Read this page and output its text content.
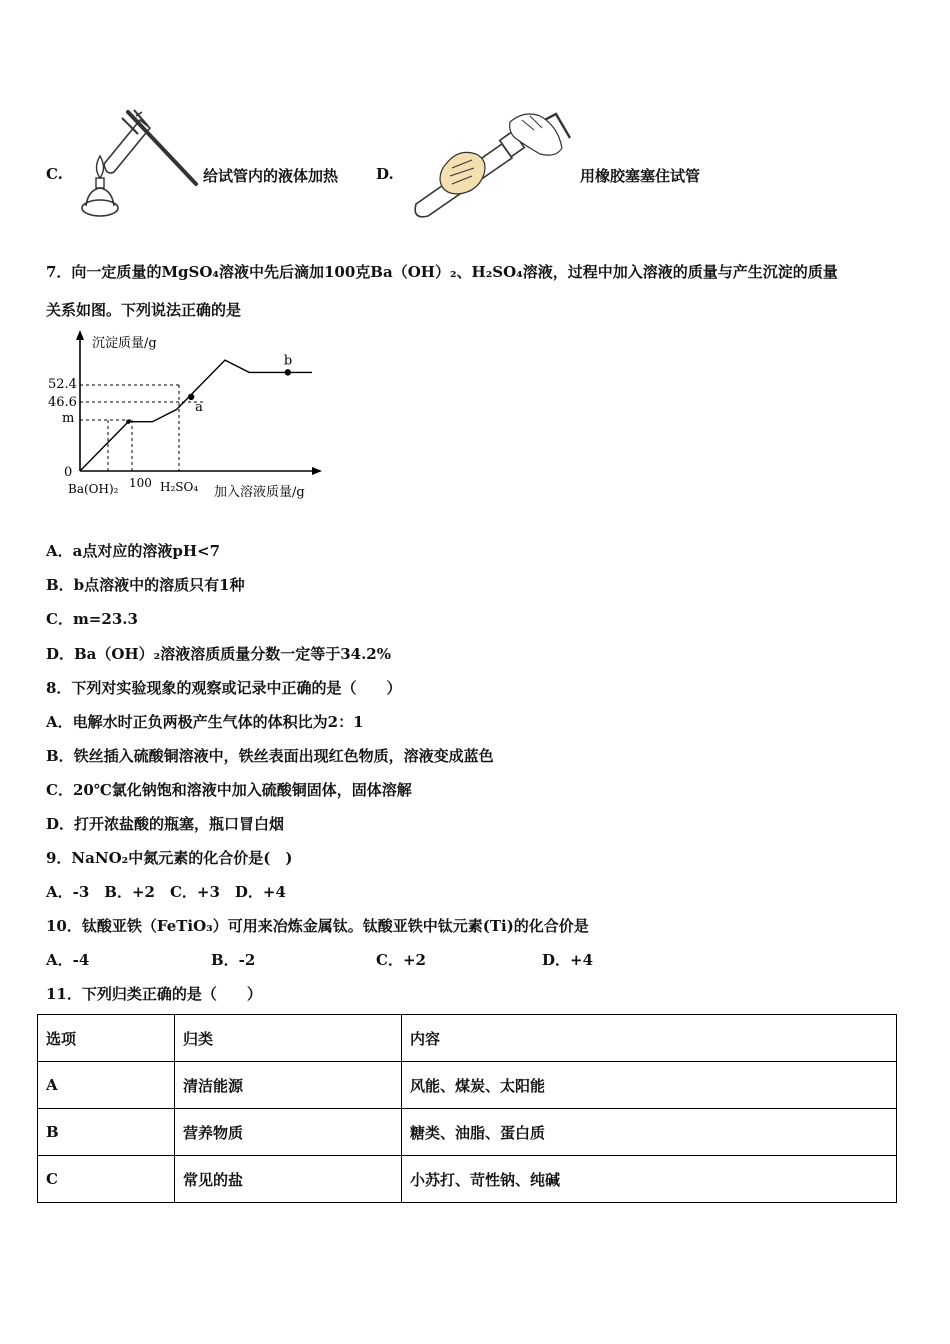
C.	给试管内的液体加热	D.	用橡胶塞塞住试管
7．向一定质量的MgSO₄溶液中先后滴加100克Ba（OH）₂、H₂SO₄溶液，过程中加入溶液的质量与产生沉淀的质量
关系如图。下列说法正确的是
沉淀质量/g
加入溶液质量/g
52.4
46.6
m
0
Ba(OH)₂ 100 H₂SO₄
a
b
A．a点对应的溶液pH<7
B．b点溶液中的溶质只有1种
C．m=23.3
D．Ba（OH）₂溶液溶质质量分数一定等于34.2%
8．下列对实验现象的观察或记录中正确的是（　　）
A．电解水时正负两极产生气体的体积比为2：1
B．铁丝插入硫酸铜溶液中，铁丝表面出现红色物质，溶液变成蓝色
C．20℃氯化钠饱和溶液中加入硫酸铜固体，固体溶解
D．打开浓盐酸的瓶塞，瓶口冒白烟
9．NaNO₂中氮元素的化合价是(　)
A．-3　B．+2　C．+3　D．+4
10．钛酸亚铁（FeTiO₃）可用来冶炼金属钛。钛酸亚铁中钛元素(Ti)的化合价是
A．-4	B．-2	C．+2	D．+4
11．下列归类正确的是（　　）
选项	归类	内容
A	清洁能源	风能、煤炭、太阳能
B	营养物质	糖类、油脂、蛋白质
C	常见的盐	小苏打、苛性钠、纯碱
